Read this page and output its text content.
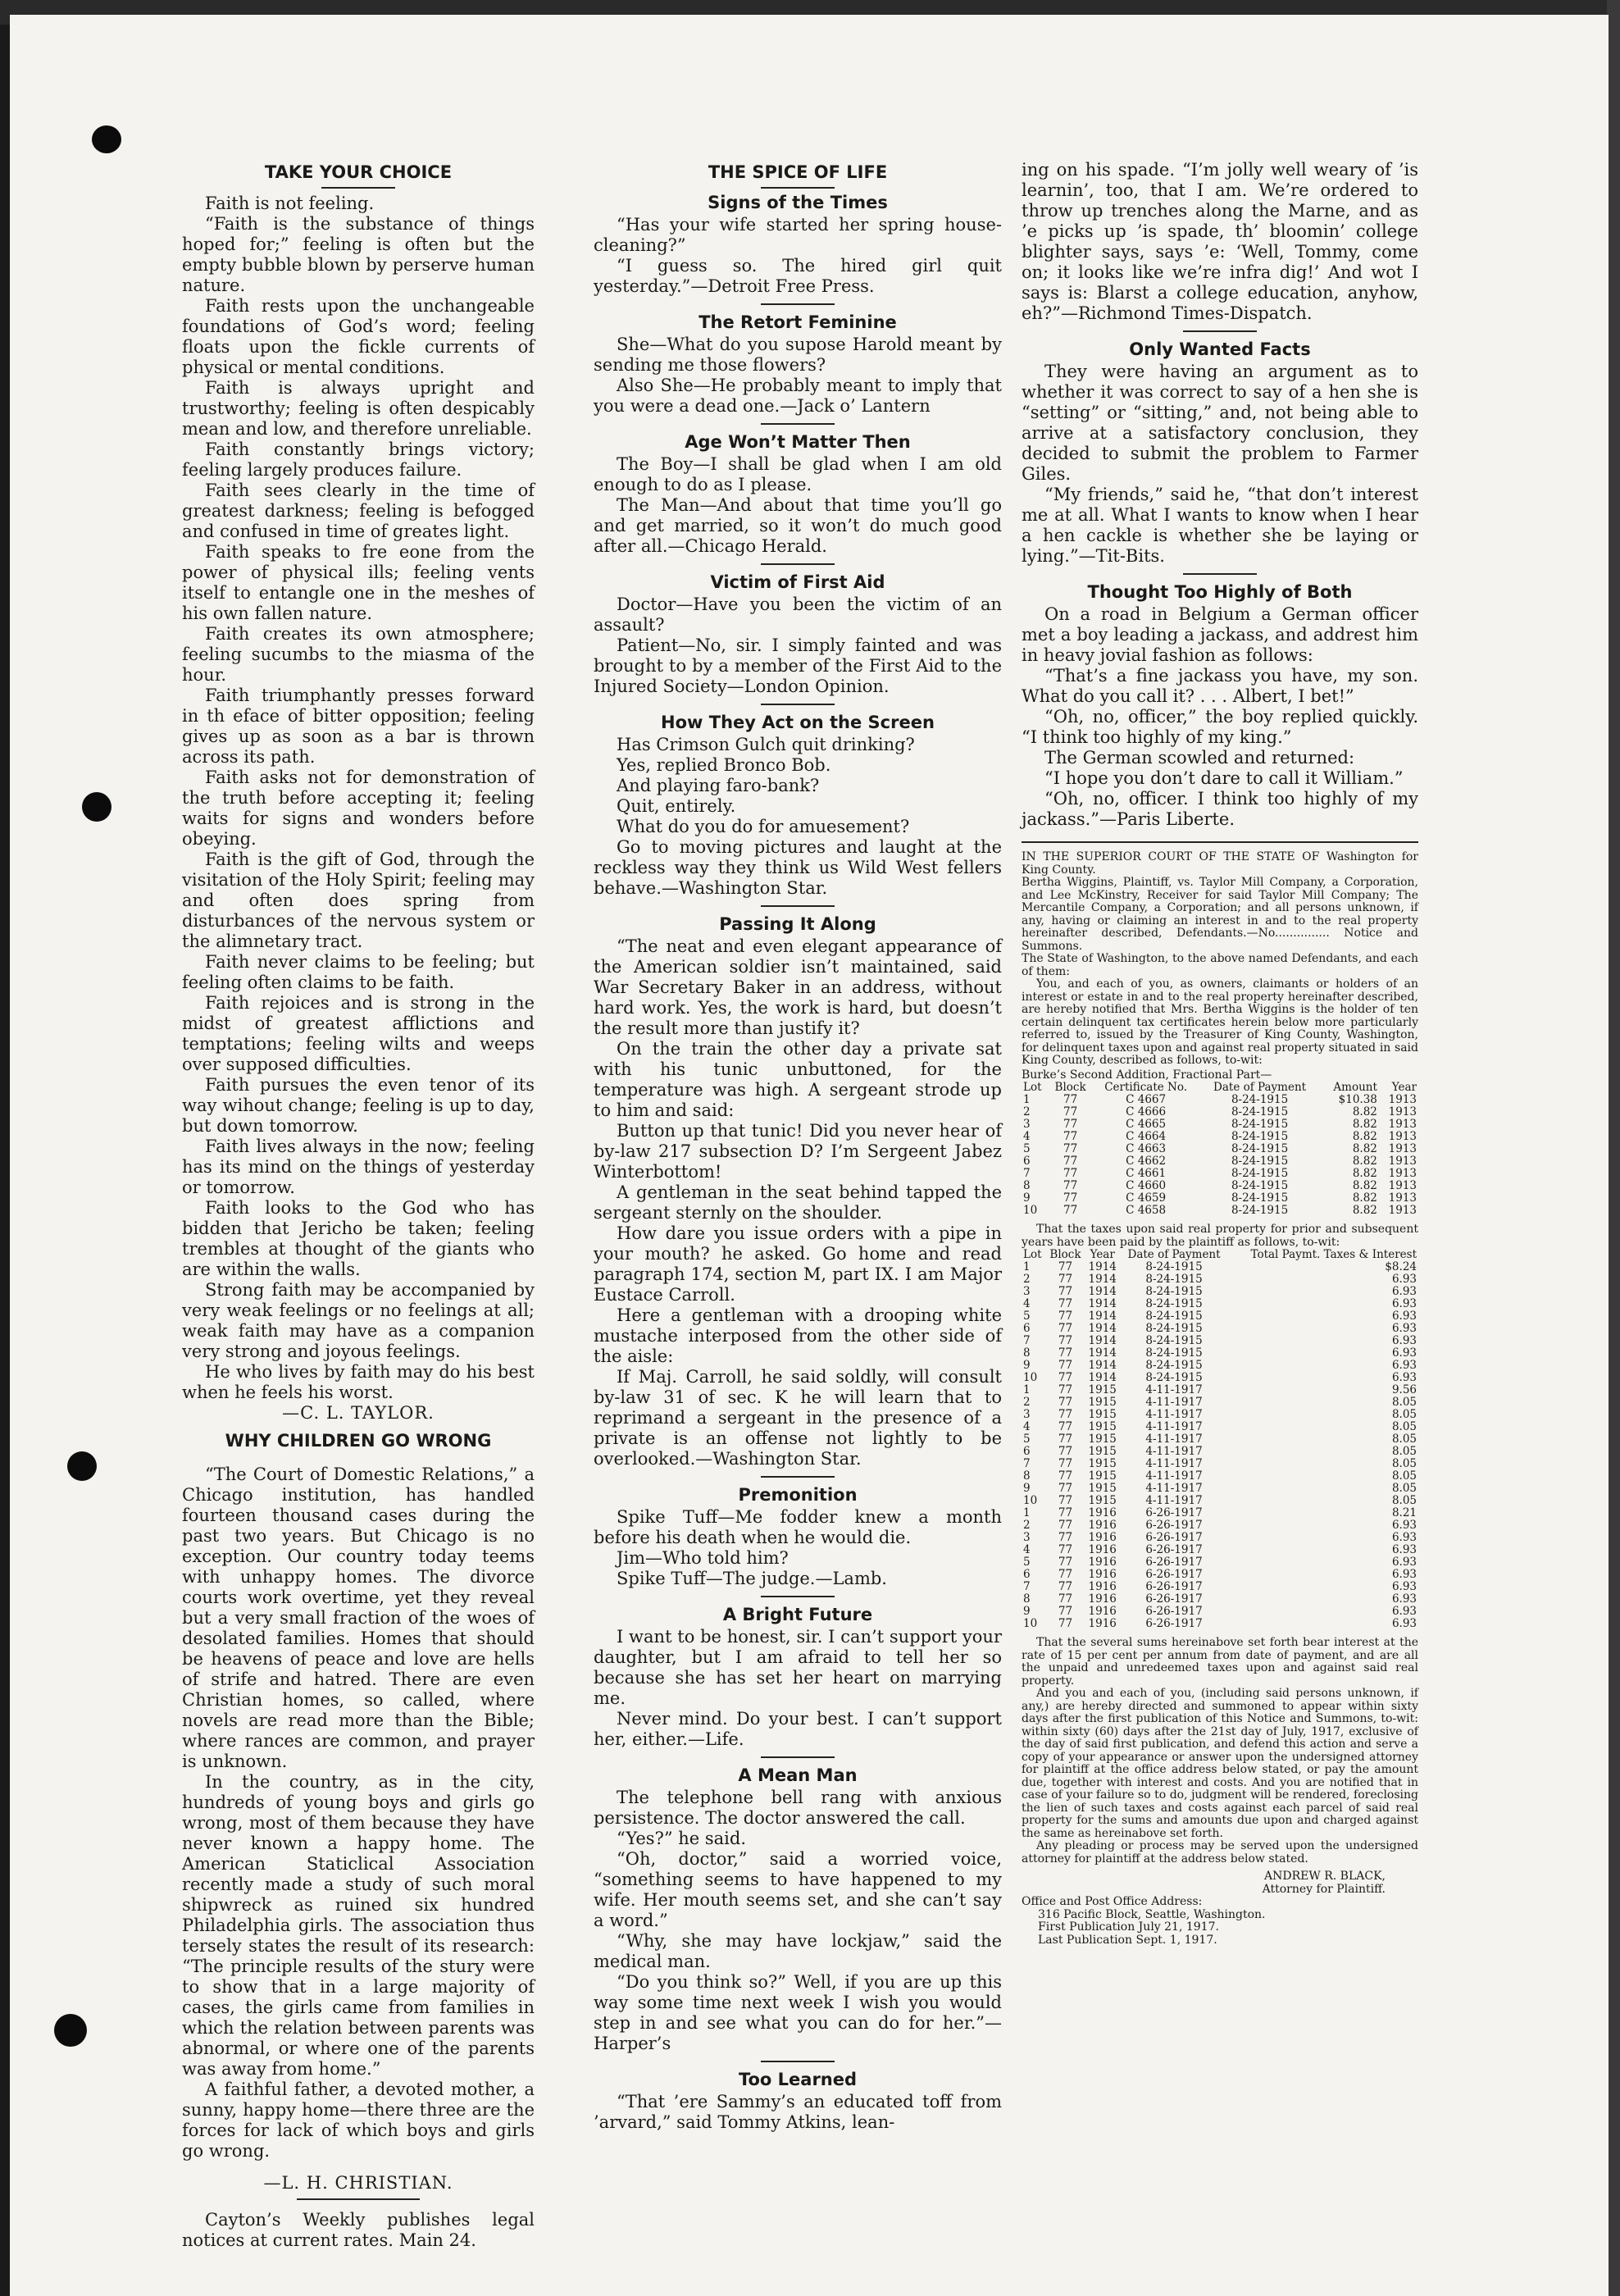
TAKE YOUR CHOICE

Faith is not feeling.

“Faith is the substance of things hoped for;” feeling is often but the empty bubble blown by perserve human nature.

Faith rests upon the unchangeable foundations of God’s word; feeling floats upon the fickle currents of physical or mental conditions.

Faith is always upright and trustworthy; feeling is often despicably mean and low, and therefore unreliable.

Faith constantly brings victory; feeling largely produces failure.

Faith sees clearly in the time of greatest darkness; feeling is befogged and confused in time of greates light.

Faith speaks to fre eone from the power of physical ills; feeling vents itself to entangle one in the meshes of his own fallen nature.

Faith creates its own atmosphere; feeling sucumbs to the miasma of the hour.

Faith triumphantly presses forward in th eface of bitter opposition; feeling gives up as soon as a bar is thrown across its path.

Faith asks not for demonstration of the truth before accepting it; feeling waits for signs and wonders before obeying.

Faith is the gift of God, through the visitation of the Holy Spirit; feeling may and often does spring from disturbances of the nervous system or the alimnetary tract.

Faith never claims to be feeling; but feeling often claims to be faith.

Faith rejoices and is strong in the midst of greatest afflictions and temptations; feeling wilts and weeps over supposed difficulties.

Faith pursues the even tenor of its way wihout change; feeling is up to day, but down tomorrow.

Faith lives always in the now; feeling has its mind on the things of yesterday or tomorrow.

Faith looks to the God who has bidden that Jericho be taken; feeling trembles at thought of the giants who are within the walls.

Strong faith may be accompanied by very weak feelings or no feelings at all; weak faith may have as a companion very strong and joyous feelings.

He who lives by faith may do his best when he feels his worst.

—C. L. TAYLOR.

WHY CHILDREN GO WRONG

“The Court of Domestic Relations,” a Chicago institution, has handled fourteen thousand cases during the past two years. But Chicago is no exception. Our country today teems with unhappy homes. The divorce courts work overtime, yet they reveal but a very small fraction of the woes of desolated families. Homes that should be heavens of peace and love are hells of strife and hatred. There are even Christian homes, so called, where novels are read more than the Bible; where rances are common, and prayer is unknown.

In the country, as in the city, hundreds of young boys and girls go wrong, most of them because they have never known a happy home. The American Staticlical Association recently made a study of such moral shipwreck as ruined six hundred Philadelphia girls. The association thus tersely states the result of its research: “The principle results of the stury were to show that in a large majority of cases, the girls came from families in which the relation between parents was abnormal, or where one of the parents was away from home.”

A faithful father, a devoted mother, a sunny, happy home—there three are the forces for lack of which boys and girls go wrong.

—L. H. CHRISTIAN.

Cayton’s Weekly publishes legal notices at current rates. Main 24.

THE SPICE OF LIFE
Signs of the Times

“Has your wife started her spring house-cleaning?”

“I guess so. The hired girl quit yesterday.”—Detroit Free Press.

The Retort Feminine

She—What do you supose Harold meant by sending me those flowers?

Also She—He probably meant to imply that you were a dead one.—Jack o’ Lantern

Age Won’t Matter Then

The Boy—I shall be glad when I am old enough to do as I please.

The Man—And about that time you’ll go and get married, so it won’t do much good after all.—Chicago Herald.

Victim of First Aid

Doctor—Have you been the victim of an assault?

Patient—No, sir. I simply fainted and was brought to by a member of the First Aid to the Injured Society—London Opinion.

How They Act on the Screen

Has Crimson Gulch quit drinking?

Yes, replied Bronco Bob.

And playing faro-bank?

Quit, entirely.

What do you do for amuesement?

Go to moving pictures and laught at the reckless way they think us Wild West fellers behave.—Washington Star.

Passing It Along

“The neat and even elegant appearance of the American soldier isn’t maintained, said War Secretary Baker in an address, without hard work. Yes, the work is hard, but doesn’t the result more than justify it?

On the train the other day a private sat with his tunic unbuttoned, for the temperature was high. A sergeant strode up to him and said:

Button up that tunic! Did you never hear of by-law 217 subsection D? I’m Sergeent Jabez Winterbottom!

A gentleman in the seat behind tapped the sergeant sternly on the shoulder.

How dare you issue orders with a pipe in your mouth? he asked. Go home and read paragraph 174, section M, part IX. I am Major Eustace Carroll.

Here a gentleman with a drooping white mustache interposed from the other side of the aisle:

If Maj. Carroll, he said soldly, will consult by-law 31 of sec. K he will learn that to reprimand a sergeant in the presence of a private is an offense not lightly to be overlooked.—Washington Star.

Premonition

Spike Tuff—Me fodder knew a month before his death when he would die.

Jim—Who told him?

Spike Tuff—The judge.—Lamb.

A Bright Future

I want to be honest, sir. I can’t support your daughter, but I am afraid to tell her so because she has set her heart on marrying me.

Never mind. Do your best. I can’t support her, either.—Life.

A Mean Man

The telephone bell rang with anxious persistence. The doctor answered the call.

“Yes?” he said.

“Oh, doctor,” said a worried voice, “something seems to have happened to my wife. Her mouth seems set, and she can’t say a word.”

“Why, she may have lockjaw,” said the medical man.

“Do you think so?” Well, if you are up this way some time next week I wish you would step in and see what you can do for her.”—Harper’s

Too Learned

“That ’ere Sammy’s an educated toff from ’arvard,” said Tommy Atkins, lean-

ing on his spade. “I’m jolly well weary of ’is learnin’, too, that I am. We’re ordered to throw up trenches along the Marne, and as ’e picks up ’is spade, th’ bloomin’ college blighter says, says ’e: ‘Well, Tommy, come on; it looks like we’re infra dig!’ And wot I says is: Blarst a college education, anyhow, eh?”—Richmond Times-Dispatch.

Only Wanted Facts

They were having an argument as to whether it was correct to say of a hen she is “setting” or “sitting,” and, not being able to arrive at a satisfactory conclusion, they decided to submit the problem to Farmer Giles.

“My friends,” said he, “that don’t interest me at all. What I wants to know when I hear a hen cackle is whether she be laying or lying.”—Tit-Bits.

Thought Too Highly of Both

On a road in Belgium a German officer met a boy leading a jackass, and addrest him in heavy jovial fashion as follows:

“That’s a fine jackass you have, my son. What do you call it? . . . Albert, I bet!”

“Oh, no, officer,” the boy replied quickly. “I think too highly of my king.”

The German scowled and returned:

“I hope you don’t dare to call it William.”

“Oh, no, officer. I think too highly of my jackass.”—Paris Liberte.

IN THE SUPERIOR COURT OF THE STATE OF Washington for King County.

Bertha Wiggins, Plaintiff, vs. Taylor Mill Company, a Corporation, and Lee McKinstry, Receiver for said Taylor Mill Company; The Mercantile Company, a Corporation; and all persons unknown, if any, having or claiming an interest in and to the real property hereinafter described, Defendants.—No............... Notice and Summons.

The State of Washington, to the above named Defendants, and each of them:

You, and each of you, as owners, claimants or holders of an interest or estate in and to the real property hereinafter described, are hereby notified that Mrs. Bertha Wiggins is the holder of ten certain delinquent tax certificates herein below more particularly referred to, issued by the Treasurer of King County, Washington, for delinquent taxes upon and against real property situated in said King County, described as follows, to-wit:

Burke’s Second Addition, Fractional Part—

Lot	Block	Certificate No.	Date of Payment	Amount	Year
1	77	C 4667	8-24-1915	$10.38	1913
2	77	C 4666	8-24-1915	8.82	1913
3	77	C 4665	8-24-1915	8.82	1913
4	77	C 4664	8-24-1915	8.82	1913
5	77	C 4663	8-24-1915	8.82	1913
6	77	C 4662	8-24-1915	8.82	1913
7	77	C 4661	8-24-1915	8.82	1913
8	77	C 4660	8-24-1915	8.82	1913
9	77	C 4659	8-24-1915	8.82	1913
10	77	C 4658	8-24-1915	8.82	1913

That the taxes upon said real property for prior and subsequent years have been paid by the plaintiff as follows, to-wit:

Lot	Block	Year	Date of Payment	Total Paymt. Taxes & Interest
1	77	1914	8-24-1915	$8.24
2	77	1914	8-24-1915	6.93
3	77	1914	8-24-1915	6.93
4	77	1914	8-24-1915	6.93
5	77	1914	8-24-1915	6.93
6	77	1914	8-24-1915	6.93
7	77	1914	8-24-1915	6.93
8	77	1914	8-24-1915	6.93
9	77	1914	8-24-1915	6.93
10	77	1914	8-24-1915	6.93
1	77	1915	4-11-1917	9.56
2	77	1915	4-11-1917	8.05
3	77	1915	4-11-1917	8.05
4	77	1915	4-11-1917	8.05
5	77	1915	4-11-1917	8.05
6	77	1915	4-11-1917	8.05
7	77	1915	4-11-1917	8.05
8	77	1915	4-11-1917	8.05
9	77	1915	4-11-1917	8.05
10	77	1915	4-11-1917	8.05
1	77	1916	6-26-1917	8.21
2	77	1916	6-26-1917	6.93
3	77	1916	6-26-1917	6.93
4	77	1916	6-26-1917	6.93
5	77	1916	6-26-1917	6.93
6	77	1916	6-26-1917	6.93
7	77	1916	6-26-1917	6.93
8	77	1916	6-26-1917	6.93
9	77	1916	6-26-1917	6.93
10	77	1916	6-26-1917	6.93

That the several sums hereinabove set forth bear interest at the rate of 15 per cent per annum from date of payment, and are all the unpaid and unredeemed taxes upon and against said real property.

And you and each of you, (including said persons unknown, if any,) are hereby directed and summoned to appear within sixty days after the first publication of this Notice and Summons, to-wit: within sixty (60) days after the 21st day of July, 1917, exclusive of the day of said first publication, and defend this action and serve a copy of your appearance or answer upon the undersigned attorney for plaintiff at the office address below stated, or pay the amount due, together with interest and costs. And you are notified that in case of your failure so to do, judgment will be rendered, foreclosing the lien of such taxes and costs against each parcel of said real property for the sums and amounts due upon and charged against the same as hereinabove set forth.

Any pleading or process may be served upon the undersigned attorney for plaintiff at the address below stated.

ANDREW R. BLACK,

Attorney for Plaintiff.

Office and Post Office Address:

316 Pacific Block, Seattle, Washington.

First Publication July 21, 1917.

Last Publication Sept. 1, 1917.
